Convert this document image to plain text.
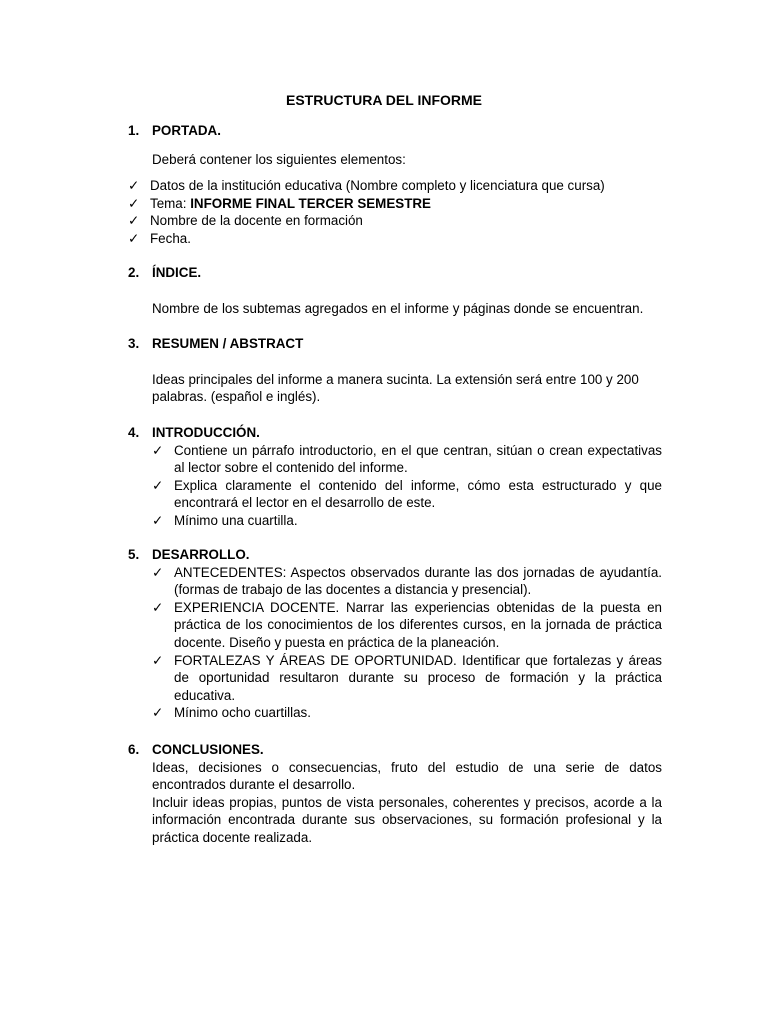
ESTRUCTURA DEL INFORME
1. PORTADA.
Deberá contener los siguientes elementos:
✓ Datos de la institución educativa (Nombre completo y licenciatura que cursa)
✓ Tema: INFORME FINAL TERCER SEMESTRE
✓ Nombre de la docente en formación
✓ Fecha.
2. ÍNDICE.
Nombre de los subtemas agregados en el informe y páginas donde se encuentran.
3. RESUMEN / ABSTRACT
Ideas principales del informe a manera sucinta. La extensión será entre 100 y 200 palabras. (español e inglés).
4. INTRODUCCIÓN.
✓ Contiene un párrafo introductorio, en el que centran, sitúan o crean expectativas al lector sobre el contenido del informe.
✓ Explica claramente el contenido del informe, cómo esta estructurado y que encontrará el lector en el desarrollo de este.
✓ Mínimo una cuartilla.
5. DESARROLLO.
✓ ANTECEDENTES: Aspectos observados durante las dos jornadas de ayudantía. (formas de trabajo de las docentes a distancia y presencial).
✓ EXPERIENCIA DOCENTE. Narrar las experiencias obtenidas de la puesta en práctica de los conocimientos de los diferentes cursos, en la jornada de práctica docente. Diseño y puesta en práctica de la planeación.
✓ FORTALEZAS Y ÁREAS DE OPORTUNIDAD. Identificar que fortalezas y áreas de oportunidad resultaron durante su proceso de formación y la práctica educativa.
✓ Mínimo ocho cuartillas.
6. CONCLUSIONES.
Ideas, decisiones o consecuencias, fruto del estudio de una serie de datos encontrados durante el desarrollo.
Incluir ideas propias, puntos de vista personales, coherentes y precisos, acorde a la información encontrada durante sus observaciones, su formación profesional y la práctica docente realizada.
